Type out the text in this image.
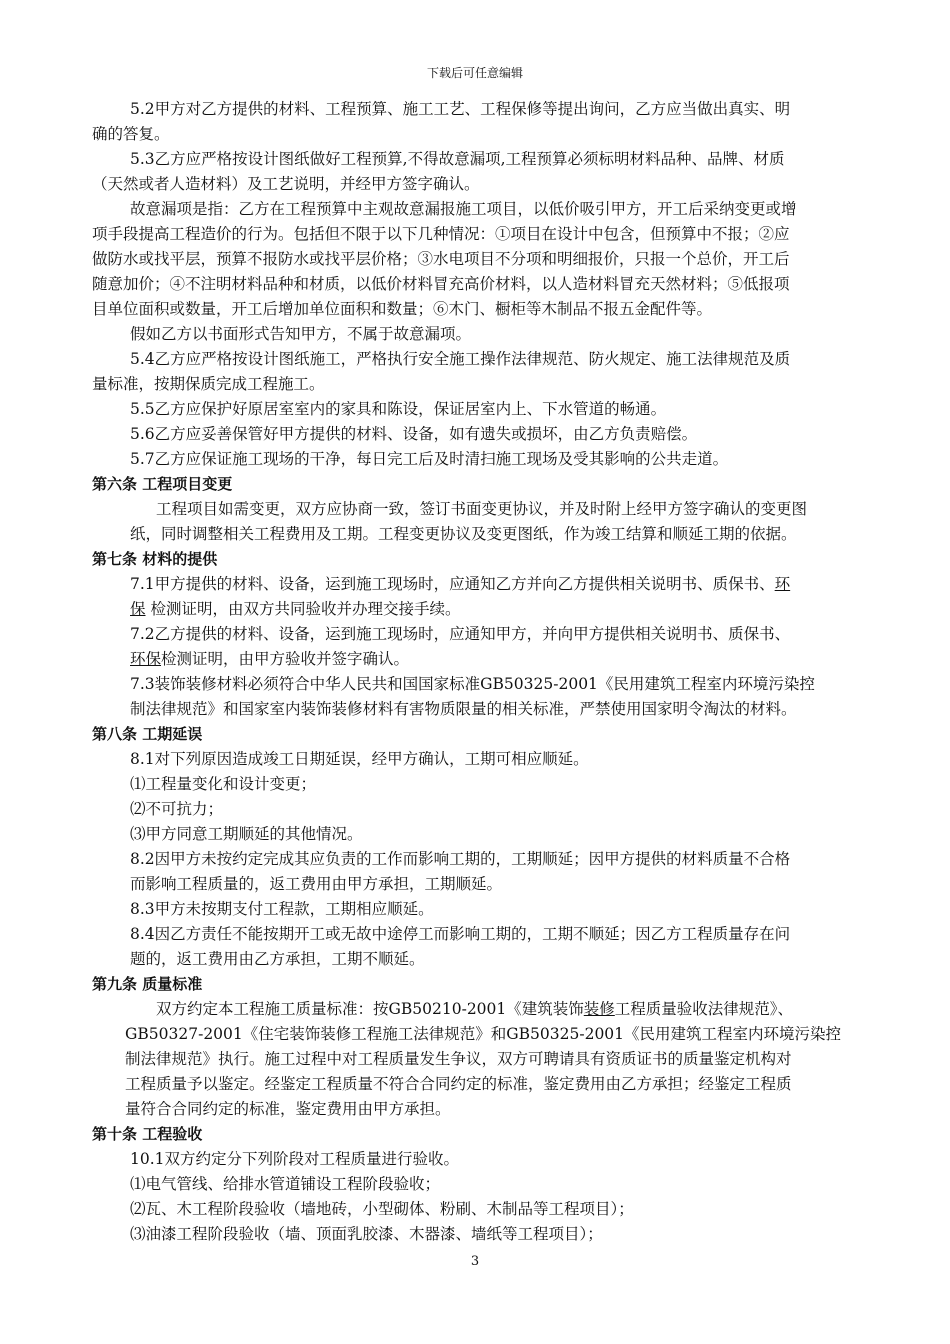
下载后可任意编辑

5.2甲方对乙方提供的材料、工程预算、施工工艺、工程保修等提出询问，乙方应当做出真实、明

确的答复。

5.3乙方应严格按设计图纸做好工程预算,不得故意漏项,工程预算必须标明材料品种、品牌、材质

（天然或者人造材料）及工艺说明，并经甲方签字确认。

故意漏项是指：乙方在工程预算中主观故意漏报施工项目，以低价吸引甲方，开工后采纳变更或增

项手段提高工程造价的行为。包括但不限于以下几种情况：①项目在设计中包含，但预算中不报；②应

做防水或找平层，预算不报防水或找平层价格；③水电项目不分项和明细报价，只报一个总价，开工后

随意加价；④不注明材料品种和材质，以低价材料冒充高价材料，以人造材料冒充天然材料；⑤低报项

目单位面积或数量，开工后增加单位面积和数量；⑥木门、橱柜等木制品不报五金配件等。

假如乙方以书面形式告知甲方，不属于故意漏项。

5.4乙方应严格按设计图纸施工，严格执行安全施工操作法律规范、防火规定、施工法律规范及质

量标准，按期保质完成工程施工。

5.5乙方应保护好原居室室内的家具和陈设，保证居室内上、下水管道的畅通。

5.6乙方应妥善保管好甲方提供的材料、设备，如有遗失或损坏，由乙方负责赔偿。

5.7乙方应保证施工现场的干净，每日完工后及时清扫施工现场及受其影响的公共走道。

第六条 工程项目变更

工程项目如需变更，双方应协商一致，签订书面变更协议，并及时附上经甲方签字确认的变更图

纸，同时调整相关工程费用及工期。工程变更协议及变更图纸，作为竣工结算和顺延工期的依据。

第七条 材料的提供

7.1甲方提供的材料、设备，运到施工现场时，应通知乙方并向乙方提供相关说明书、质保书、环

保 检测证明，由双方共同验收并办理交接手续。

7.2乙方提供的材料、设备，运到施工现场时，应通知甲方，并向甲方提供相关说明书、质保书、

环保检测证明，由甲方验收并签字确认。

7.3装饰装修材料必须符合中华人民共和国国家标准GB50325-2001《民用建筑工程室内环境污染控

制法律规范》和国家室内装饰装修材料有害物质限量的相关标准，严禁使用国家明令淘汰的材料。

第八条 工期延误

8.1对下列原因造成竣工日期延误，经甲方确认，工期可相应顺延。

⑴工程量变化和设计变更；

⑵不可抗力；

⑶甲方同意工期顺延的其他情况。

8.2因甲方未按约定完成其应负责的工作而影响工期的，工期顺延；因甲方提供的材料质量不合格

而影响工程质量的，返工费用由甲方承担，工期顺延。

8.3甲方未按期支付工程款，工期相应顺延。

8.4因乙方责任不能按期开工或无故中途停工而影响工期的，工期不顺延；因乙方工程质量存在问

题的，返工费用由乙方承担，工期不顺延。

第九条 质量标准

双方约定本工程施工质量标准：按GB50210-2001《建筑装饰装修工程质量验收法律规范》、

GB50327-2001《住宅装饰装修工程施工法律规范》和GB50325-2001《民用建筑工程室内环境污染控

制法律规范》执行。施工过程中对工程质量发生争议，双方可聘请具有资质证书的质量鉴定机构对

工程质量予以鉴定。经鉴定工程质量不符合合同约定的标准，鉴定费用由乙方承担；经鉴定工程质

量符合合同约定的标准，鉴定费用由甲方承担。

第十条 工程验收

10.1双方约定分下列阶段对工程质量进行验收。

⑴电气管线、给排水管道铺设工程阶段验收；

⑵瓦、木工程阶段验收（墙地砖，小型砌体、粉刷、木制品等工程项目）；

⑶油漆工程阶段验收（墙、顶面乳胶漆、木器漆、墙纸等工程项目）；

3
